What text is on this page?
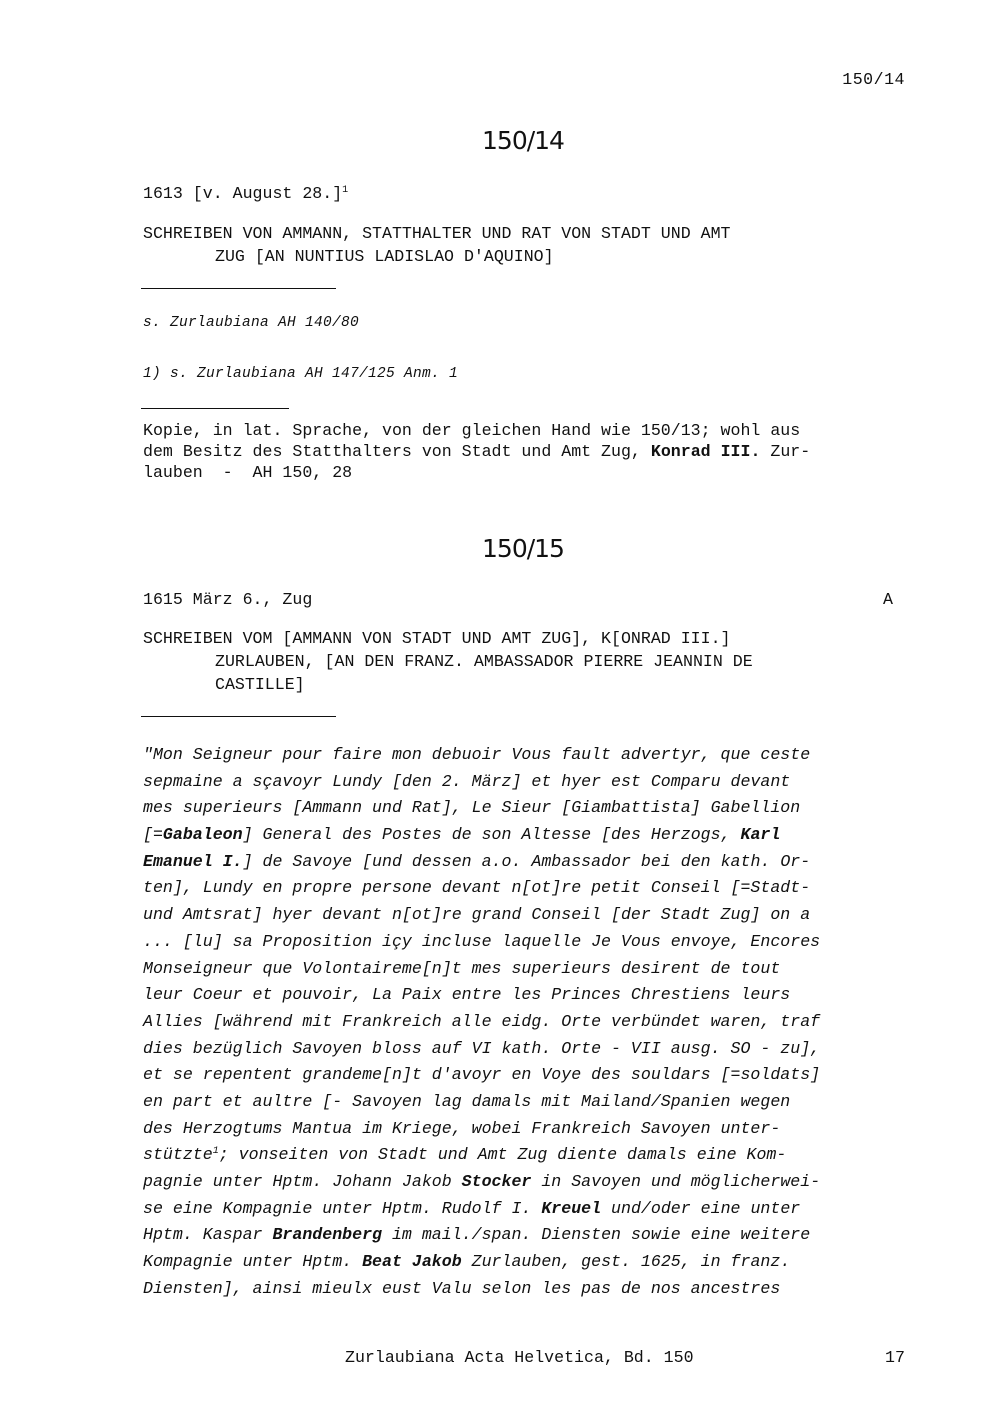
150/14
150/14
1613 [v. August 28.]$^1$
SCHREIBEN VON AMMANN, STATTHALTER UND RAT VON STADT UND AMT
ZUG [AN NUNTIUS LADISLAO D'AQUINO]
s. Zurlaubiana AH 140/80
1) s. Zurlaubiana AH 147/125 Anm. 1
Kopie, in lat. Sprache, von der gleichen Hand wie 150/13; wohl aus
dem Besitz des Statthalters von Stadt und Amt Zug, Konrad III. Zur-
lauben  -  AH 150, 28
150/15
1615 März 6., Zug	A
SCHREIBEN VOM [AMMANN VON STADT UND AMT ZUG], K[ONRAD III.]
ZURLAUBEN, [AN DEN FRANZ. AMBASSADOR PIERRE JEANNIN DE
CASTILLE]
"Mon Seigneur pour faire mon debuoir Vous fault advertyr, que ceste
sepmaine a sçavoyr Lundy [den 2. März] et hyer est Comparu devant
mes superieurs [Ammann und Rat], Le Sieur [Giambattista] Gabellion
[=Gabaleon] General des Postes de son Altesse [des Herzogs, Karl
Emanuel I.] de Savoye [und dessen a.o. Ambassador bei den kath. Or-
ten], Lundy en propre persone devant n[ot]re petit Conseil [=Stadt-
und Amtsrat] hyer devant n[ot]re grand Conseil [der Stadt Zug] on a
... [lu] sa Proposition içy incluse laquelle Je Vous envoye, Encores
Monseigneur que Volontaireme[n]t mes superieurs desirent de tout
leur Coeur et pouvoir, La Paix entre les Princes Chrestiens leurs
Allies [während mit Frankreich alle eidg. Orte verbündet waren, traf
dies bezüglich Savoyen bloss auf VI kath. Orte - VII ausg. SO - zu],
et se repentent grandeme[n]t d'avoyr en Voye des souldars [=soldats]
en part et aultre [- Savoyen lag damals mit Mailand/Spanien wegen
des Herzogtums Mantua im Kriege, wobei Frankreich Savoyen unter-
stützte$^1$; vonseiten von Stadt und Amt Zug diente damals eine Kom-
pagnie unter Hptm. Johann Jakob Stocker in Savoyen und möglicherwei-
se eine Kompagnie unter Hptm. Rudolf I. Kreuel und/oder eine unter
Hptm. Kaspar Brandenberg im mail./span. Diensten sowie eine weitere
Kompagnie unter Hptm. Beat Jakob Zurlauben, gest. 1625, in franz.
Diensten], ainsi mieulx eust Valu selon les pas de nos ancestres
Zurlaubiana Acta Helvetica, Bd. 150	17
